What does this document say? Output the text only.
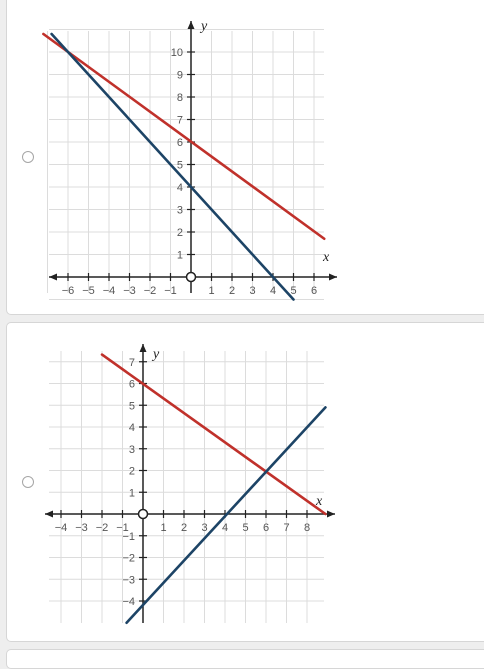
−6 −5 −4 −3 −2 −1	1 2 3 4 5 6
1
2
3
4
5
6
7
8
9
10
x
y
−4 −3 −2 −1	1 2 3 4 5 6 7 8
−4
−3
−2
−1
1
2
3
4
5
6
7
x
y
